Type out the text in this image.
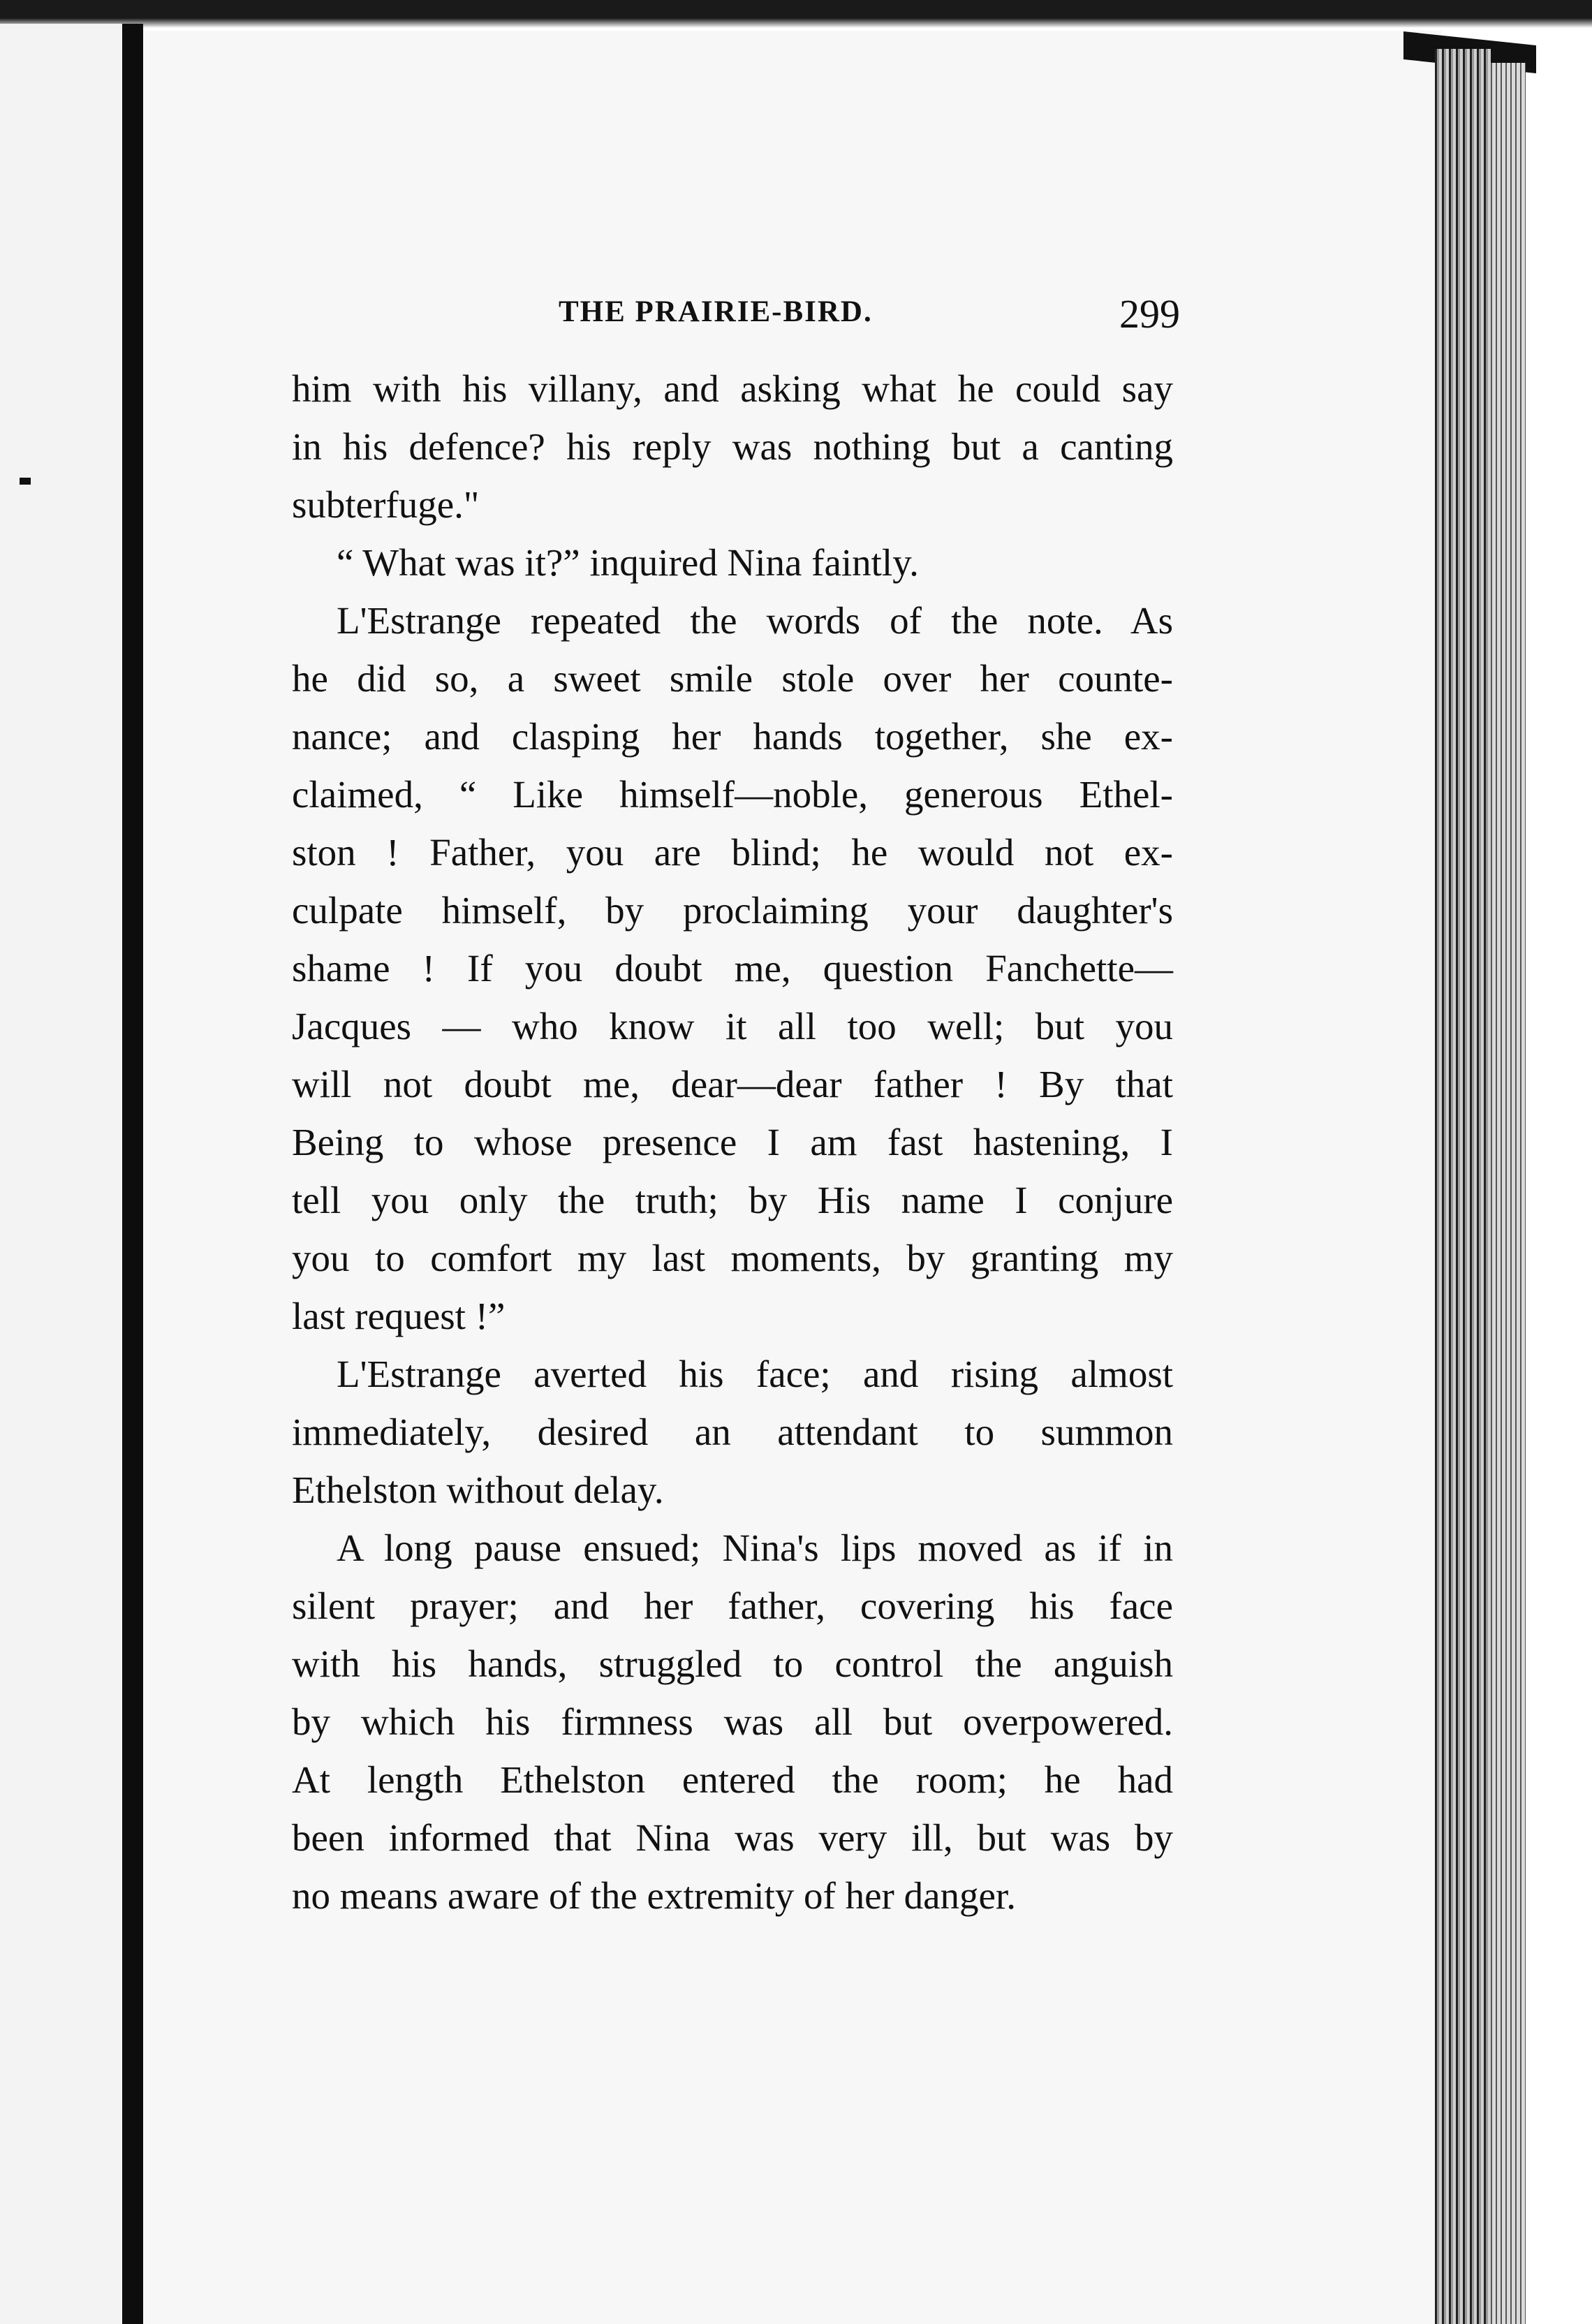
THE PRAIRIE-BIRD.	299
him with his villany, and asking what he could say
in his defence? his reply was nothing but a canting
subterfuge."
“ What was it?” inquired Nina faintly.
L'Estrange repeated the words of the note. As
he did so, a sweet smile stole over her counte-
nance; and clasping her hands together, she ex-
claimed, “ Like himself—noble, generous Ethel-
ston ! Father, you are blind; he would not ex-
culpate himself, by proclaiming your daughter's
shame ! If you doubt me, question Fanchette—
Jacques — who know it all too well; but you
will not doubt me, dear—dear father ! By that
Being to whose presence I am fast hastening, I
tell you only the truth; by His name I conjure
you to comfort my last moments, by granting my
last request !”
L'Estrange averted his face; and rising almost
immediately, desired an attendant to summon
Ethelston without delay.
A long pause ensued; Nina's lips moved as if in
silent prayer; and her father, covering his face
with his hands, struggled to control the anguish
by which his firmness was all but overpowered.
At length Ethelston entered the room; he had
been informed that Nina was very ill, but was by
no means aware of the extremity of her danger.
